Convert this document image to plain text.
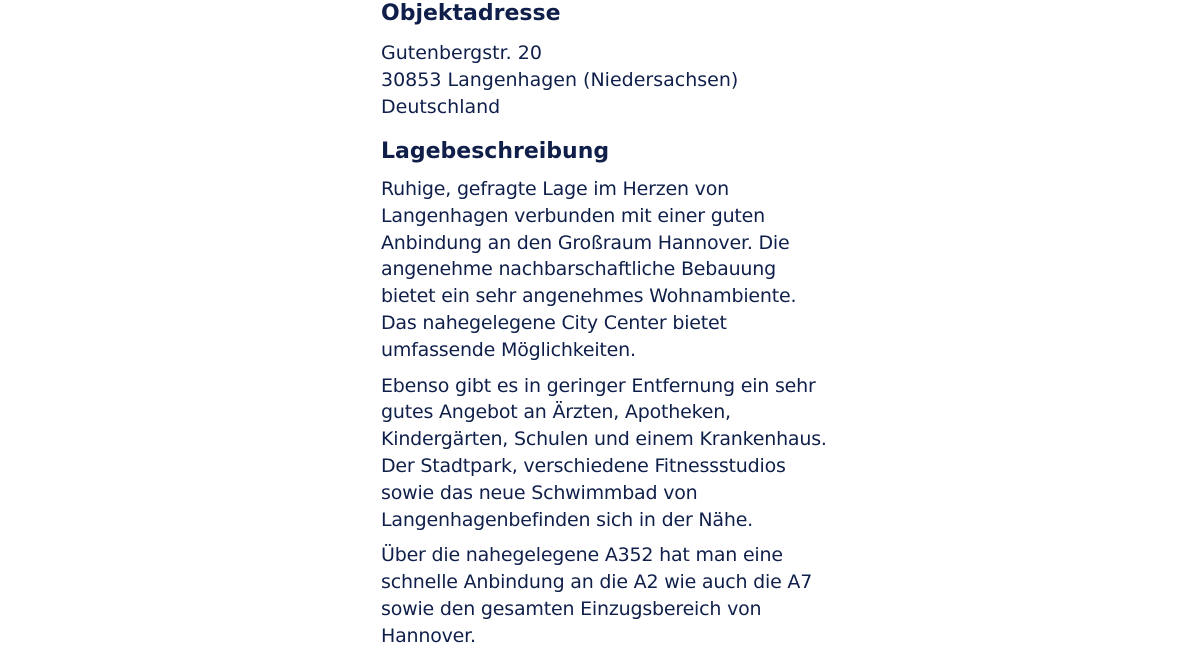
Objektadresse
Gutenbergstr. 20
30853 Langenhagen (Niedersachsen)
Deutschland
Lagebeschreibung

Ruhige, gefragte Lage im Herzen von Langenhagen verbunden mit einer guten Anbindung an den Großraum Hannover. Die angenehme nachbarschaftliche Bebauung bietet ein sehr angenehmes Wohnambiente. Das nahegelegene City Center bietet umfassende Möglichkeiten.

Ebenso gibt es in geringer Entfernung ein sehr gutes Angebot an Ärzten, Apotheken, Kindergärten, Schulen und einem Krankenhaus. Der Stadtpark, verschiedene Fitnessstudios sowie das neue Schwimmbad von Langenhagenbefinden sich in der Nähe.

Über die nahegelegene A352 hat man eine schnelle Anbindung an die A2 wie auch die A7 sowie den gesamten Einzugsbereich von Hannover.
